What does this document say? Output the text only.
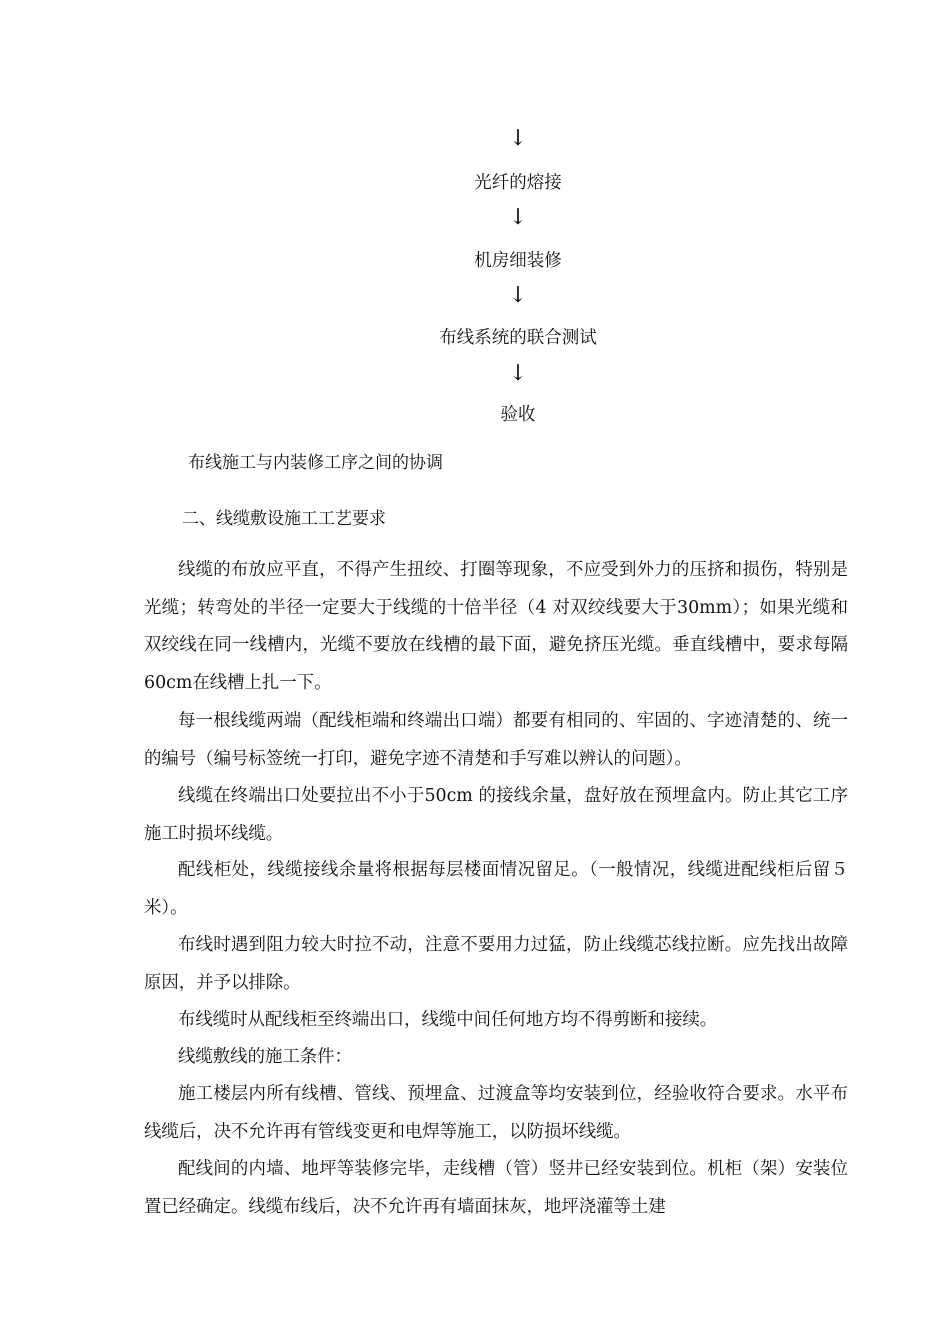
↓
光纤的熔接
↓
机房细装修
↓
布线系统的联合测试
↓
验收
布线施工与内装修工序之间的协调
二、线缆敷设施工工艺要求

线缆的布放应平直，不得产生扭绞、打圈等现象，不应受到外力的压挤和损伤，特别是光缆；转弯处的半径一定要大于线缆的十倍半径（4 对双绞线要大于30mm）；如果光缆和双绞线在同一线槽内，光缆不要放在线槽的最下面，避免挤压光缆。垂直线槽中，要求每隔60cm在线槽上扎一下。

每一根线缆两端（配线柜端和终端出口端）都要有相同的、牢固的、字迹清楚的、统一的编号（编号标签统一打印，避免字迹不清楚和手写难以辨认的问题）。

线缆在终端出口处要拉出不小于50cm 的接线余量，盘好放在预埋盒内。防止其它工序施工时损坏线缆。

配线柜处，线缆接线余量将根据每层楼面情况留足。（一般情况，线缆进配线柜后留５米）。

布线时遇到阻力较大时拉不动，注意不要用力过猛，防止线缆芯线拉断。应先找出故障原因，并予以排除。

布线缆时从配线柜至终端出口，线缆中间任何地方均不得剪断和接续。

线缆敷线的施工条件：

施工楼层内所有线槽、管线、预埋盒、过渡盒等均安装到位，经验收符合要求。水平布线缆后，决不允许再有管线变更和电焊等施工，以防损坏线缆。

配线间的内墙、地坪等装修完毕，走线槽（管）竖井已经安装到位。机柜（架）安装位置已经确定。线缆布线后，决不允许再有墙面抹灰，地坪浇灌等土建
